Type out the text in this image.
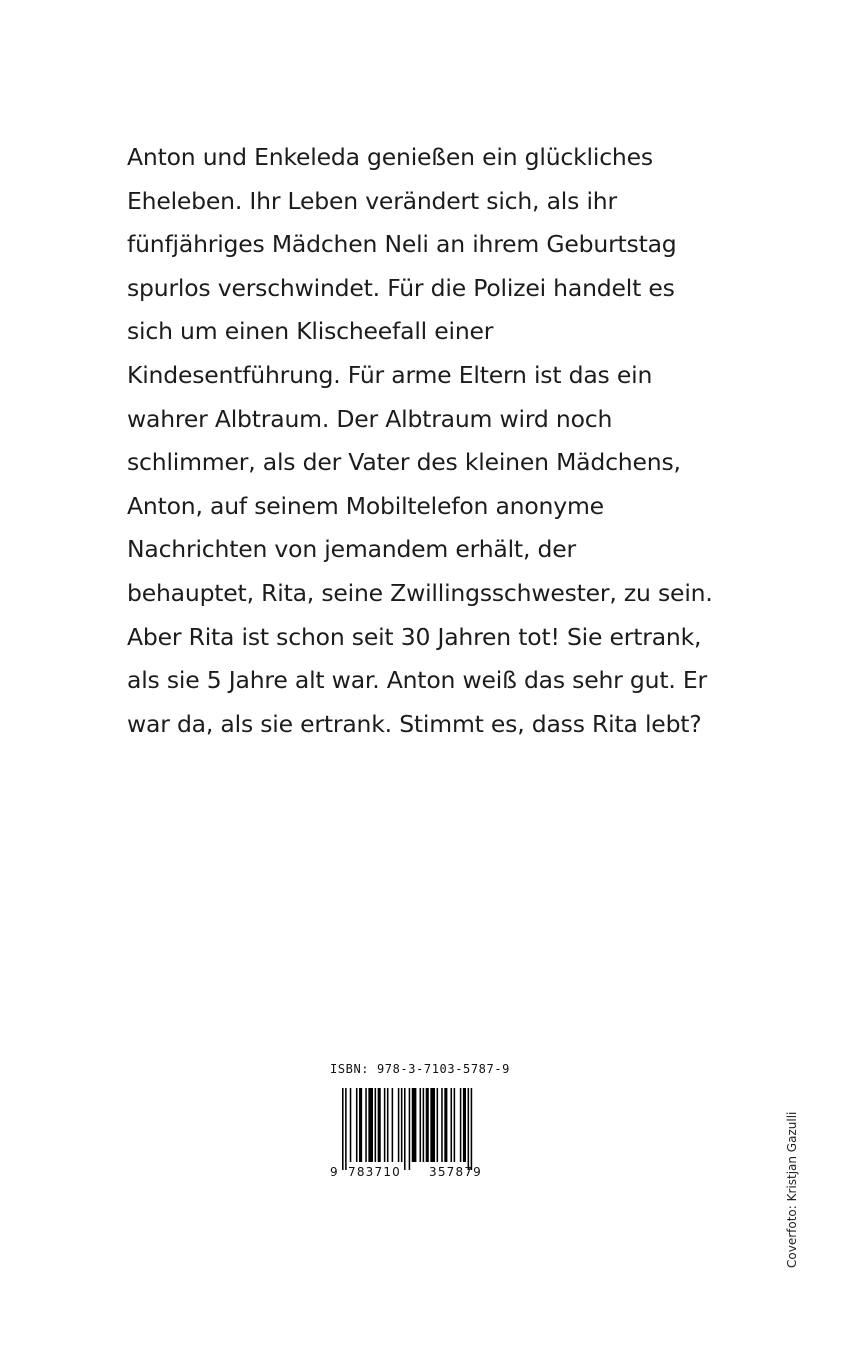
Anton und Enkeleda genießen ein glückliches
Eheleben. Ihr Leben verändert sich, als ihr
fünfjähriges Mädchen Neli an ihrem Geburtstag
spurlos verschwindet. Für die Polizei handelt es
sich um einen Klischeefall einer
Kindesentführung. Für arme Eltern ist das ein
wahrer Albtraum. Der Albtraum wird noch
schlimmer, als der Vater des kleinen Mädchens,
Anton, auf seinem Mobiltelefon anonyme
Nachrichten von jemandem erhält, der
behauptet, Rita, seine Zwillingsschwester, zu sein.
Aber Rita ist schon seit 30 Jahren tot! Sie ertrank,
als sie 5 Jahre alt war. Anton weiß das sehr gut. Er
war da, als sie ertrank. Stimmt es, dass Rita lebt?
ISBN: 978-3-7103-5787-9
9 783710 357879	Coverfoto: Kristjan Gazulli
